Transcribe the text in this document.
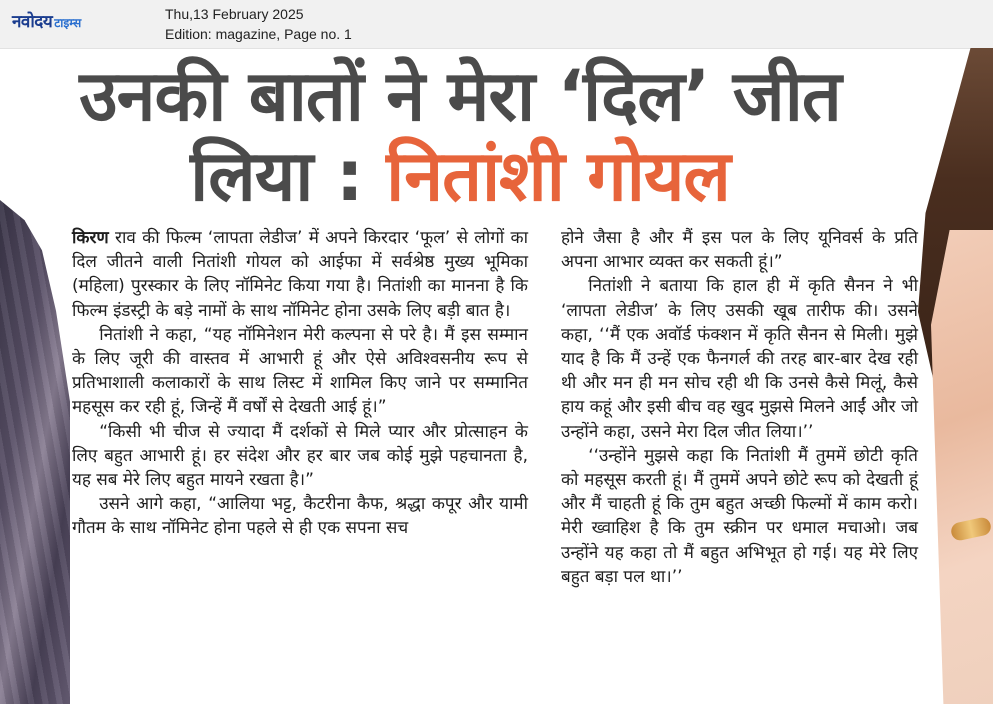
नवोदय टाइम्स
Thu,13 February 2025
Edition: magazine, Page no. 1
उनकी बातों ने मेरा ‘दिल’ जीत
लिया : नितांशी गोयल

किरण राव की फिल्म ‘लापता लेडीज’ में अपने किरदार ‘फूल’ से लोगों का दिल जीतने वाली नितांशी गोयल को आईफा में सर्वश्रेष्ठ मुख्य भूमिका (महिला) पुरस्कार के लिए नॉमिनेट किया गया है। नितांशी का मानना है कि फिल्म इंडस्ट्री के बड़े नामों के साथ नॉमिनेट होना उसके लिए बड़ी बात है।

नितांशी ने कहा, “यह नॉमिनेशन मेरी कल्पना से परे है। मैं इस सम्मान के लिए जूरी की वास्तव में आभारी हूं और ऐसे अविश्वसनीय रूप से प्रतिभाशाली कलाकारों के साथ लिस्ट में शामिल किए जाने पर सम्मानित महसूस कर रही हूं, जिन्हें मैं वर्षों से देखती आई हूं।”

“किसी भी चीज से ज्यादा मैं दर्शकों से मिले प्यार और प्रोत्साहन के लिए बहुत आभारी हूं। हर संदेश और हर बार जब कोई मुझे पहचानता है, यह सब मेरे लिए बहुत मायने रखता है।”

उसने आगे कहा, “आलिया भट्ट, कैटरीना कैफ, श्रद्धा कपूर और यामी गौतम के साथ नॉमिनेट होना पहले से ही एक सपना सच

होने जैसा है और मैं इस पल के लिए यूनिवर्स के प्रति अपना आभार व्यक्त कर सकती हूं।”

नितांशी ने बताया कि हाल ही में कृति सैनन ने भी ‘लापता लेडीज’ के लिए उसकी खूब तारीफ की। उसने कहा, ‘‘मैं एक अवॉर्ड फंक्शन में कृति सैनन से मिली। मुझे याद है कि मैं उन्हें एक फैनगर्ल की तरह बार-बार देख रही थी और मन ही मन सोच रही थी कि उनसे कैसे मिलूं, कैसे हाय कहूं और इसी बीच वह खुद मुझसे मिलने आईं और जो उन्होंने कहा, उसने मेरा दिल जीत लिया।’’

‘‘उन्होंने मुझसे कहा कि नितांशी मैं तुममें छोटी कृति को महसूस करती हूं। मैं तुममें अपने छोटे रूप को देखती हूं और मैं चाहती हूं कि तुम बहुत अच्छी फिल्मों में काम करो। मेरी ख्वाहिश है कि तुम स्क्रीन पर धमाल मचाओ। जब उन्होंने यह कहा तो मैं बहुत अभिभूत हो गई। यह मेरे लिए बहुत बड़ा पल था।’’
